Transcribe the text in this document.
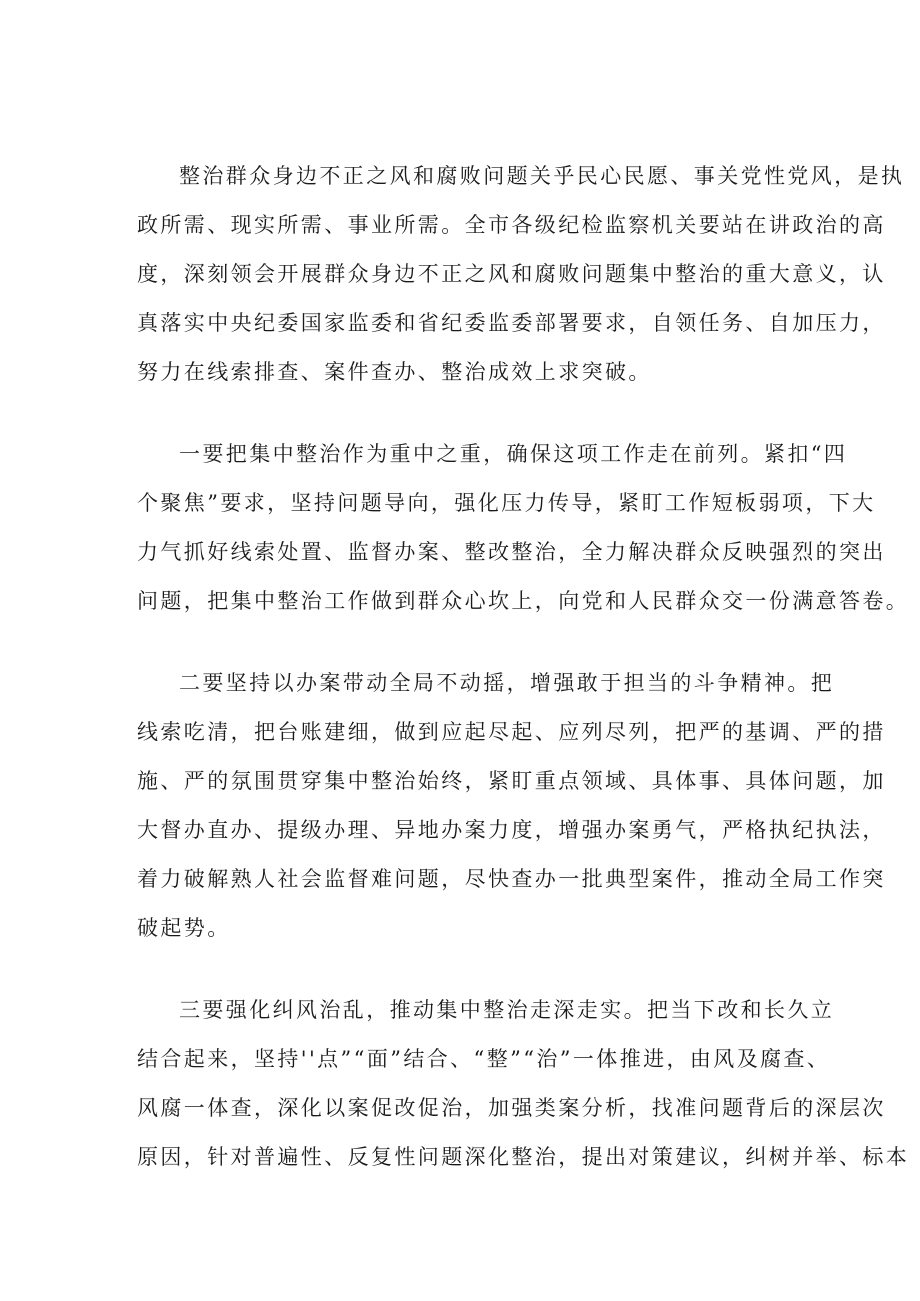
整治群众身边不正之风和腐败问题关乎民心民愿、事关党性党风，是执
政所需、现实所需、事业所需。全市各级纪检监察机关要站在讲政治的高
度，深刻领会开展群众身边不正之风和腐败问题集中整治的重大意义，认
真落实中央纪委国家监委和省纪委监委部署要求，自领任务、自加压力，
努力在线索排查、案件查办、整治成效上求突破。
一要把集中整治作为重中之重，确保这项工作走在前列。紧扣“四
个聚焦”要求，坚持问题导向，强化压力传导，紧盯工作短板弱项，下大
力气抓好线索处置、监督办案、整改整治，全力解决群众反映强烈的突出
问题，把集中整治工作做到群众心坎上，向党和人民群众交一份满意答卷。
二要坚持以办案带动全局不动摇，增强敢于担当的斗争精神。把
线索吃清，把台账建细，做到应起尽起、应列尽列，把严的基调、严的措
施、严的氛围贯穿集中整治始终，紧盯重点领域、具体事、具体问题，加
大督办直办、提级办理、异地办案力度，增强办案勇气，严格执纪执法，
着力破解熟人社会监督难问题，尽快查办一批典型案件，推动全局工作突
破起势。
三要强化纠风治乱，推动集中整治走深走实。把当下改和长久立
结合起来，坚持''点”“面”结合、“整”“治”一体推进，由风及腐查、
风腐一体查，深化以案促改促治，加强类案分析，找准问题背后的深层次
原因，针对普遍性、反复性问题深化整治，提出对策建议，纠树并举、标本
